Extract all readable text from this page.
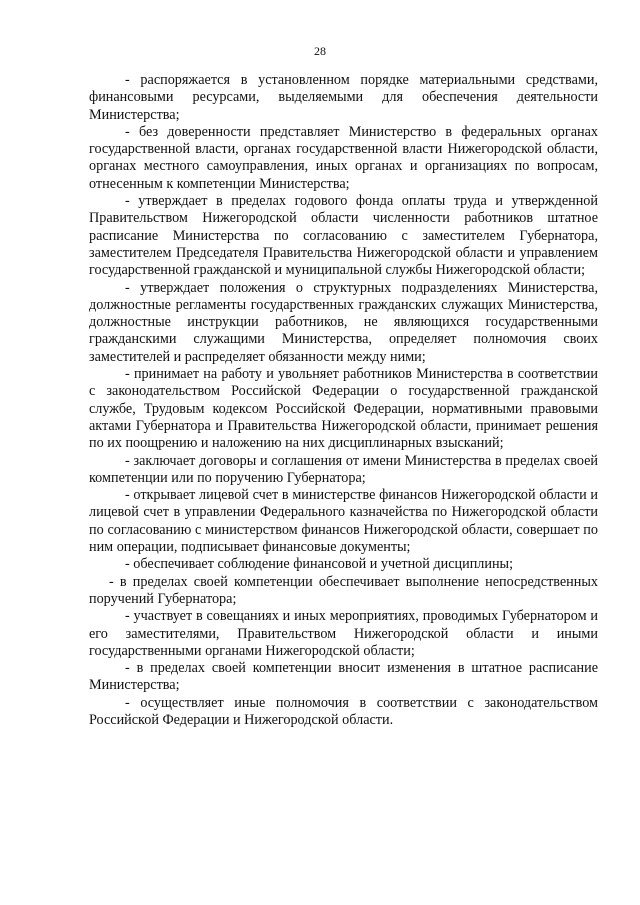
28

- распоряжается в установленном порядке материальными средствами, финансовыми ресурсами, выделяемыми для обеспечения деятельности Министерства;

- без доверенности представляет Министерство в федеральных органах государственной власти, органах государственной власти Нижегородской области, органах местного самоуправления, иных органах и организациях по вопросам, отнесенным к компетенции Министерства;

- утверждает в пределах годового фонда оплаты труда и утвержденной Правительством Нижегородской области численности работников штатное расписание Министерства по согласованию с заместителем Губернатора, заместителем Председателя Правительства Нижегородской области и управлением государственной гражданской и муниципальной службы Нижегородской области;

- утверждает положения о структурных подразделениях Министерства, должностные регламенты государственных гражданских служащих Министерства, должностные инструкции работников, не являющихся государственными гражданскими служащими Министерства, определяет полномочия своих заместителей и распределяет обязанности между ними;

- принимает на работу и увольняет работников Министерства в соответствии с законодательством Российской Федерации о государственной гражданской службе, Трудовым кодексом Российской Федерации, нормативными правовыми актами Губернатора и Правительства Нижегородской области, принимает решения по их поощрению и наложению на них дисциплинарных взысканий;

- заключает договоры и соглашения от имени Министерства в пределах своей компетенции или по поручению Губернатора;

- открывает лицевой счет в министерстве финансов Нижегородской области и лицевой счет в управлении Федерального казначейства по Нижегородской области по согласованию с министерством финансов Нижегородской области, совершает по ним операции, подписывает финансовые документы;

- обеспечивает соблюдение финансовой и учетной дисциплины;

- в пределах своей компетенции обеспечивает выполнение непосредственных поручений Губернатора;

- участвует в совещаниях и иных мероприятиях, проводимых Губернатором и его заместителями, Правительством Нижегородской области и иными государственными органами Нижегородской области;

- в пределах своей компетенции вносит изменения в штатное расписание Министерства;

- осуществляет иные полномочия в соответствии с законодательством Российской Федерации и Нижегородской области.
